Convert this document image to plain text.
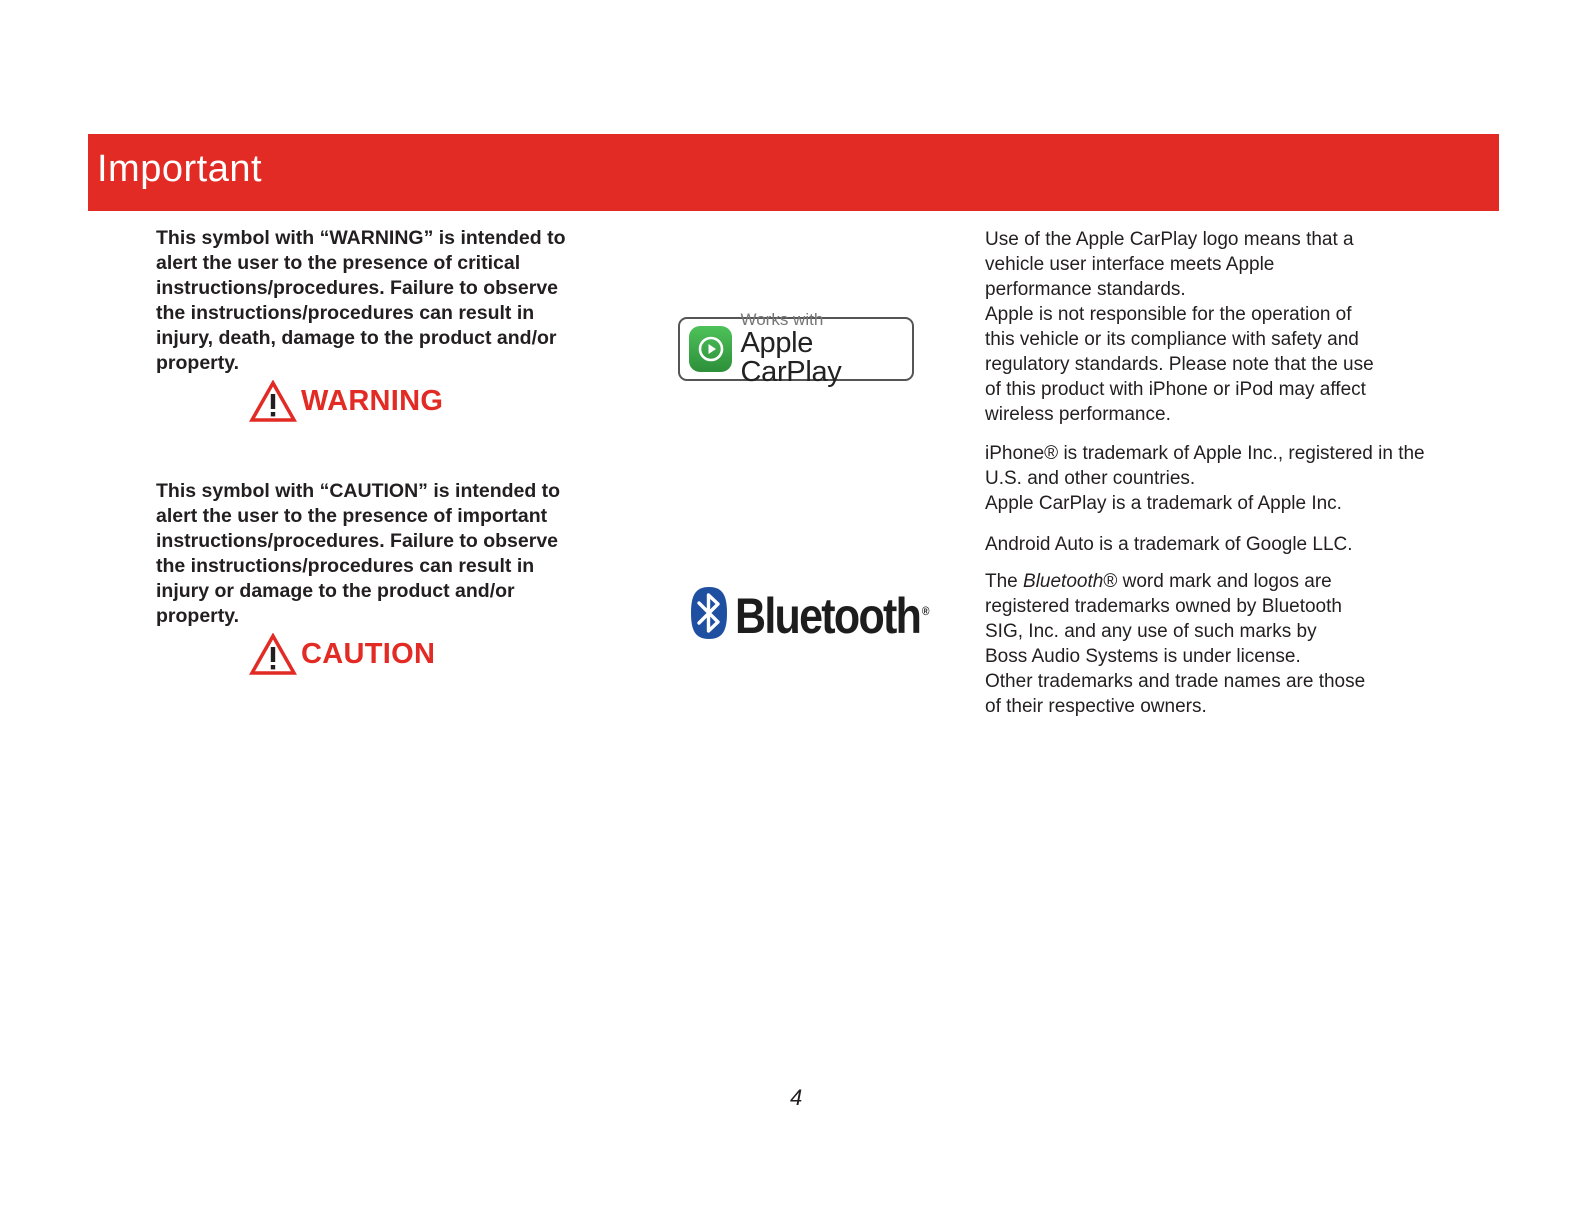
Important

This symbol with “WARNING” is intended to
alert the user to the presence of critical
instructions/procedures. Failure to observe
the instructions/procedures can result in
injury, death, damage to the product and/or
property.

WARNING

This symbol with “CAUTION” is intended to
alert the user to the presence of important
instructions/procedures. Failure to observe
the instructions/procedures can result in
injury or damage to the product and/or
property.

CAUTION
Works with
Apple CarPlay
Bluetooth ®

Use of the Apple CarPlay logo means that a
vehicle user interface meets Apple
performance standards.
Apple is not responsible for the operation of
this vehicle or its compliance with safety and
regulatory standards. Please note that the use
of this product with iPhone or iPod may affect
wireless performance.

iPhone® is trademark of Apple Inc., registered in the
U.S. and other countries.
Apple CarPlay is a trademark of Apple Inc.

Android Auto is a trademark of Google LLC.

The Bluetooth® word mark and logos are
registered trademarks owned by Bluetooth
SIG, Inc. and any use of such marks by
Boss Audio Systems is under license.
Other trademarks and trade names are those
of their respective owners.

4
